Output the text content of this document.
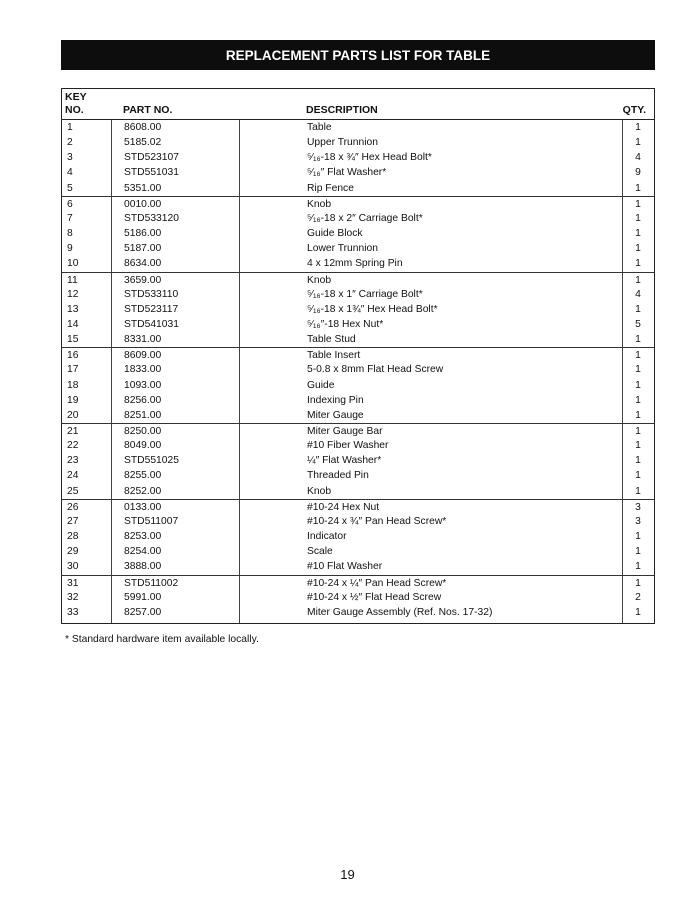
REPLACEMENT PARTS LIST FOR TABLE
KEY
NO.	PART NO.	DESCRIPTION	QTY.
1	8608.00	Table	1
2	5185.02	Upper Trunnion	1
3	STD523107	⁵⁄₁₆-18 x ¾″ Hex Head Bolt*	4
4	STD551031	⁵⁄₁₆″ Flat Washer*	9
5	5351.00	Rip Fence	1
6	0010.00	Knob	1
7	STD533120	⁵⁄₁₆-18 x 2″ Carriage Bolt*	1
8	5186.00	Guide Block	1
9	5187.00	Lower Trunnion	1
10	8634.00	4 x 12mm Spring Pin	1
11	3659.00	Knob	1
12	STD533110	⁵⁄₁₆-18 x 1″ Carriage Bolt*	4
13	STD523117	⁵⁄₁₆-18 x 1¾″ Hex Head Bolt*	1
14	STD541031	⁵⁄₁₆″-18 Hex Nut*	5
15	8331.00	Table Stud	1
16	8609.00	Table Insert	1
17	1833.00	5-0.8 x 8mm Flat Head Screw	1
18	1093.00	Guide	1
19	8256.00	Indexing Pin	1
20	8251.00	Miter Gauge	1
21	8250.00	Miter Gauge Bar	1
22	8049.00	#10 Fiber Washer	1
23	STD551025	¼″ Flat Washer*	1
24	8255.00	Threaded Pin	1
25	8252.00	Knob	1
26	0133.00	#10-24 Hex Nut	3
27	STD511007	#10-24 x ¾″ Pan Head Screw*	3
28	8253.00	Indicator	1
29	8254.00	Scale	1
30	3888.00	#10 Flat Washer	1
31	STD511002	#10-24 x ¼″ Pan Head Screw*	1
32	5991.00	#10-24 x ½″ Flat Head Screw	2
33	8257.00	Miter Gauge Assembly (Ref. Nos. 17-32)	1
* Standard hardware item available locally.
19
